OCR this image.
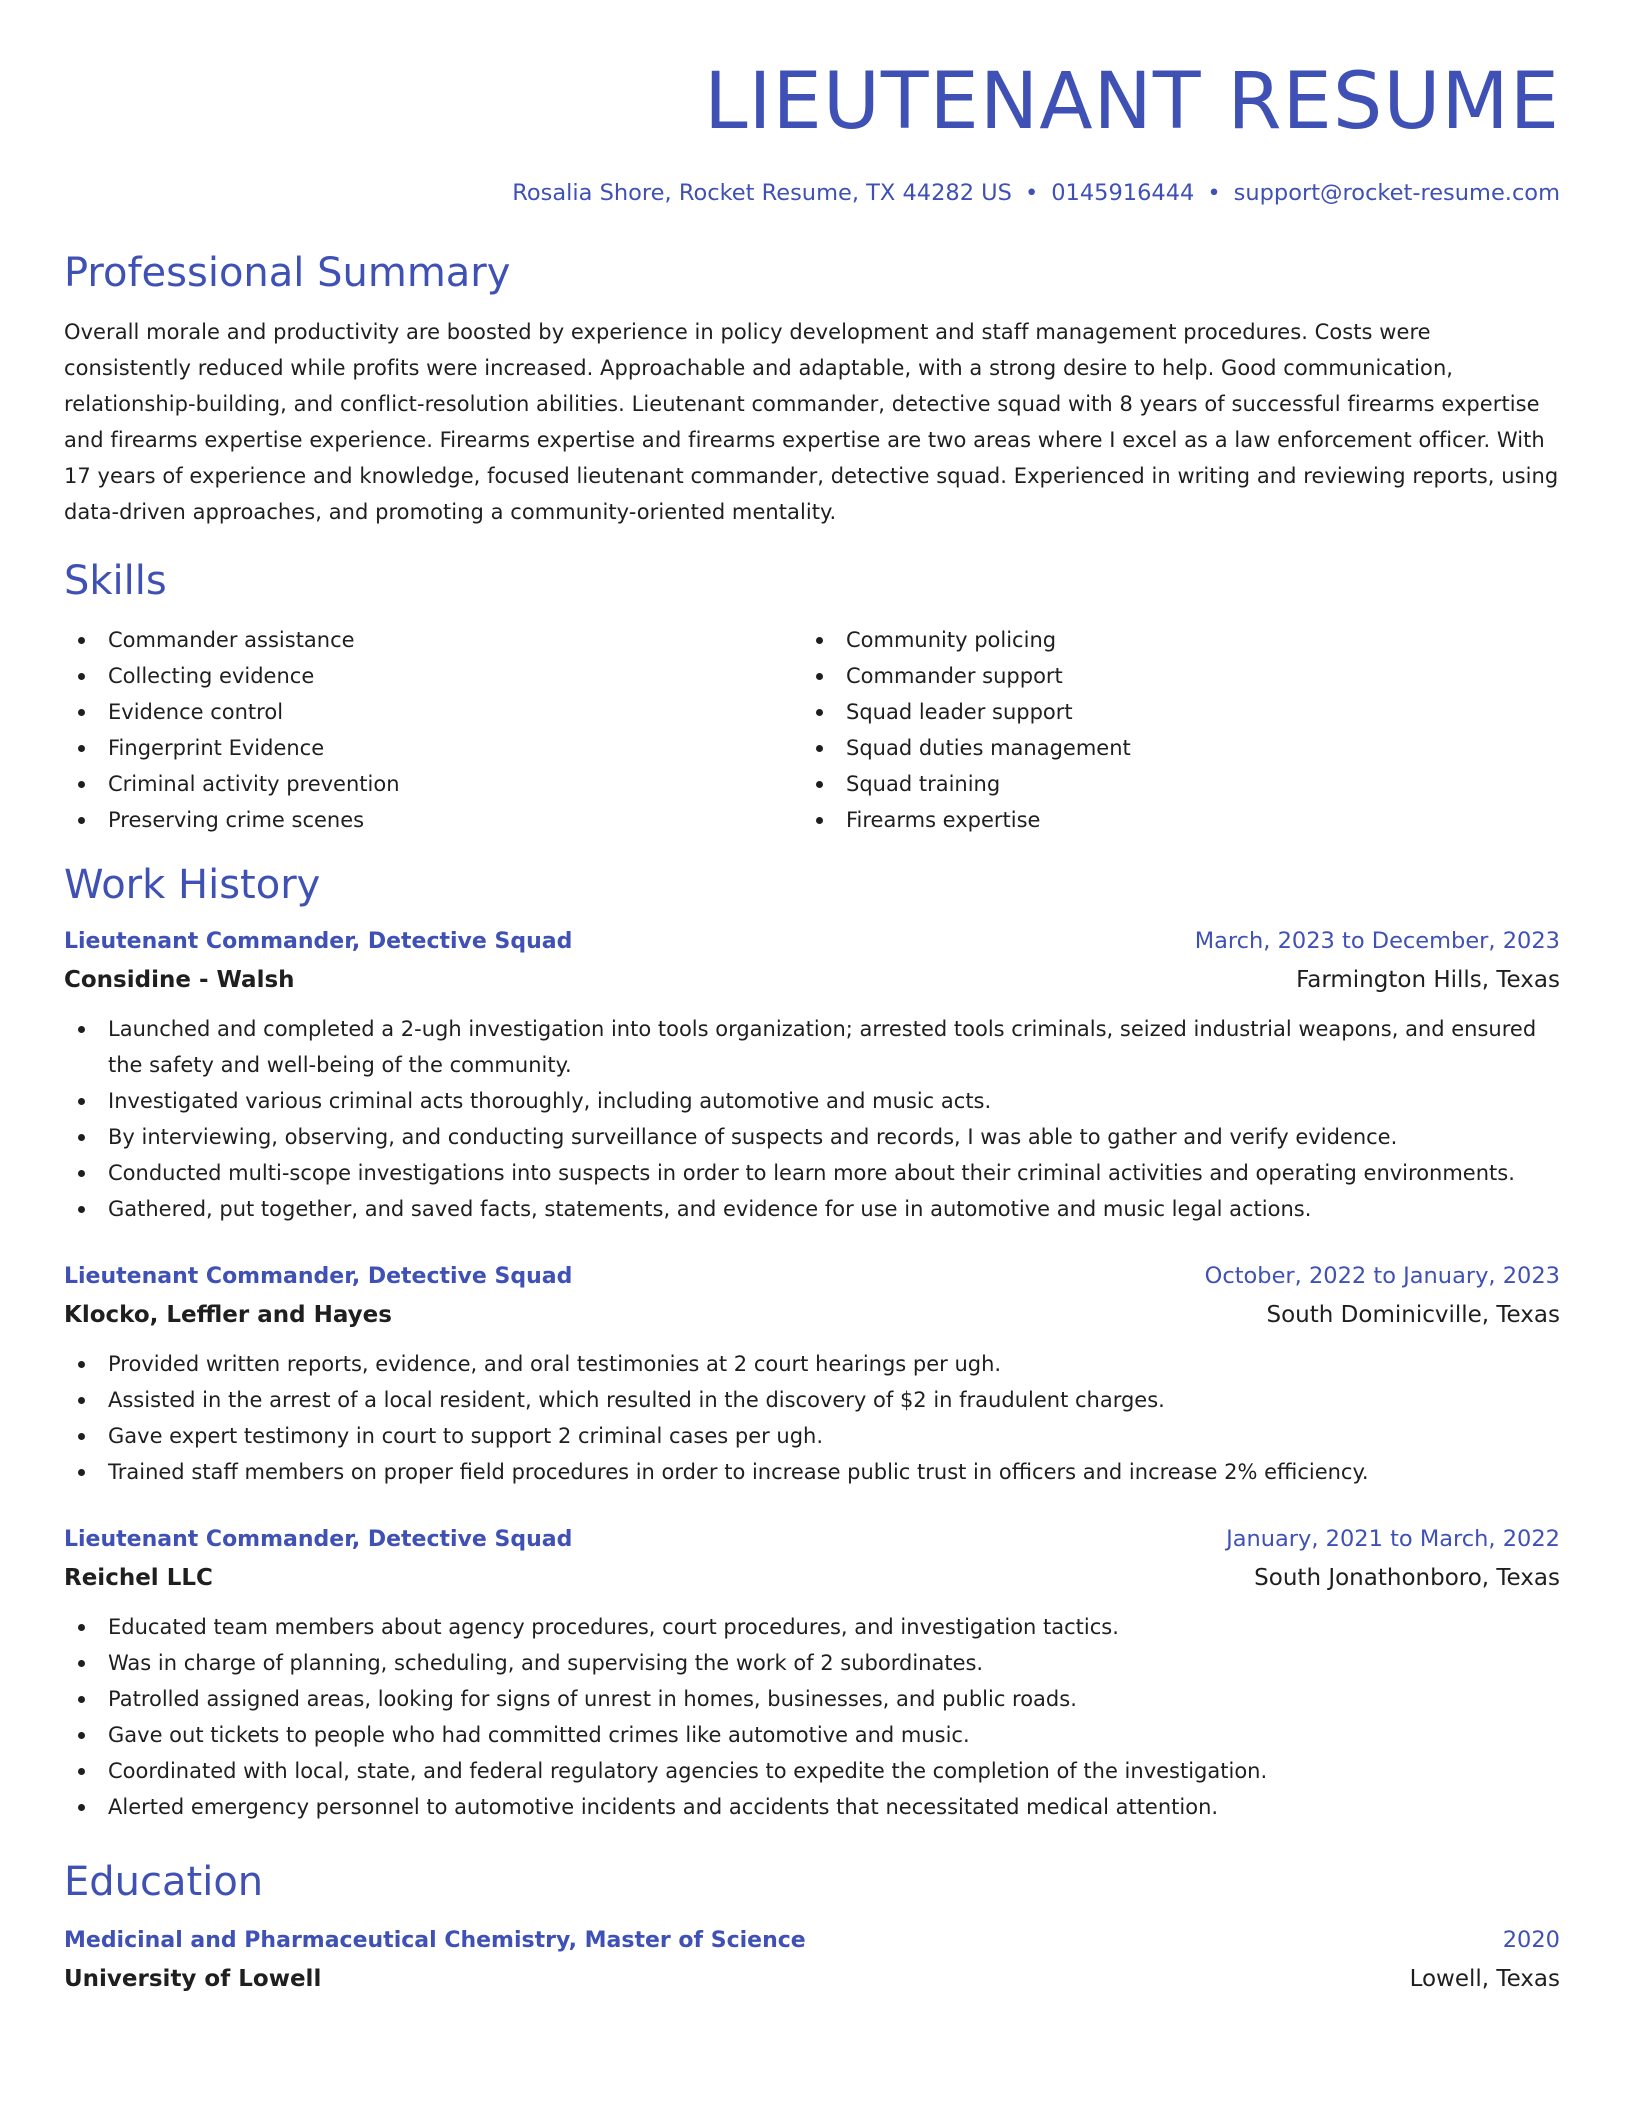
LIEUTENANT RESUME
Rosalia Shore, Rocket Resume, TX 44282 US • 0145916444 • support@rocket-resume.com
Professional Summary
Overall morale and productivity are boosted by experience in policy development and staff management procedures. Costs were consistently reduced while profits were increased. Approachable and adaptable, with a strong desire to help. Good communication, relationship-building, and conflict-resolution abilities. Lieutenant commander, detective squad with 8 years of successful firearms expertise and firearms expertise experience. Firearms expertise and firearms expertise are two areas where I excel as a law enforcement officer. With 17 years of experience and knowledge, focused lieutenant commander, detective squad. Experienced in writing and reviewing reports, using data-driven approaches, and promoting a community-oriented mentality.
Skills
Commander assistance
Collecting evidence
Evidence control
Fingerprint Evidence
Criminal activity prevention
Preserving crime scenes
Community policing
Commander support
Squad leader support
Squad duties management
Squad training
Firearms expertise
Work History
Lieutenant Commander, Detective Squad	March, 2023 to December, 2023
Considine - Walsh	Farmington Hills, Texas
Launched and completed a 2-ugh investigation into tools organization; arrested tools criminals, seized industrial weapons, and ensured the safety and well-being of the community.
Investigated various criminal acts thoroughly, including automotive and music acts.
By interviewing, observing, and conducting surveillance of suspects and records, I was able to gather and verify evidence.
Conducted multi-scope investigations into suspects in order to learn more about their criminal activities and operating environments.
Gathered, put together, and saved facts, statements, and evidence for use in automotive and music legal actions.
Lieutenant Commander, Detective Squad	October, 2022 to January, 2023
Klocko, Leffler and Hayes	South Dominicville, Texas
Provided written reports, evidence, and oral testimonies at 2 court hearings per ugh.
Assisted in the arrest of a local resident, which resulted in the discovery of $2 in fraudulent charges.
Gave expert testimony in court to support 2 criminal cases per ugh.
Trained staff members on proper field procedures in order to increase public trust in officers and increase 2% efficiency.
Lieutenant Commander, Detective Squad	January, 2021 to March, 2022
Reichel LLC	South Jonathonboro, Texas
Educated team members about agency procedures, court procedures, and investigation tactics.
Was in charge of planning, scheduling, and supervising the work of 2 subordinates.
Patrolled assigned areas, looking for signs of unrest in homes, businesses, and public roads.
Gave out tickets to people who had committed crimes like automotive and music.
Coordinated with local, state, and federal regulatory agencies to expedite the completion of the investigation.
Alerted emergency personnel to automotive incidents and accidents that necessitated medical attention.
Education
Medicinal and Pharmaceutical Chemistry, Master of Science	2020
University of Lowell	Lowell, Texas
